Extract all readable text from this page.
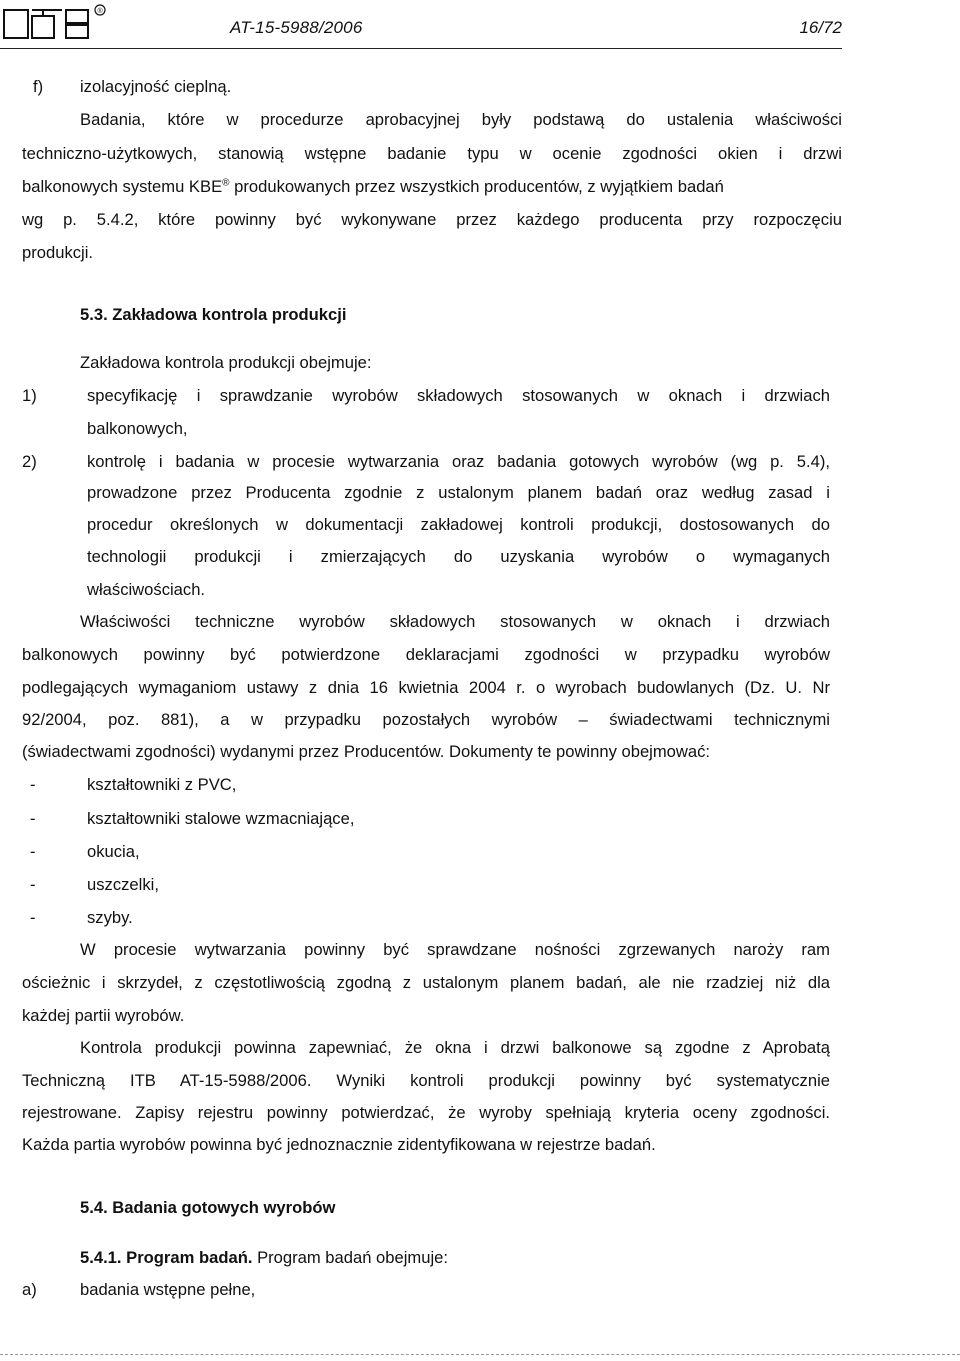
®
AT-15-5988/2006	16/72
f) izolacyjność cieplną.
Badania, które w procedurze aprobacyjnej były podstawą do ustalenia właściwości
techniczno-użytkowych, stanowią wstępne badanie typu w ocenie zgodności okien i drzwi
balkonowych systemu KBE® produkowanych przez wszystkich producentów, z wyjątkiem badań
wg p. 5.4.2, które powinny być wykonywane przez każdego producenta przy rozpoczęciu
produkcji.
5.3. Zakładowa kontrola produkcji
Zakładowa kontrola produkcji obejmuje:
1)	specyfikację i sprawdzanie wyrobów składowych stosowanych w oknach i drzwiach
balkonowych,
2)	kontrolę i badania w procesie wytwarzania oraz badania gotowych wyrobów (wg p. 5.4),
prowadzone przez Producenta zgodnie z ustalonym planem badań oraz według zasad i
procedur określonych w dokumentacji zakładowej kontroli produkcji, dostosowanych do
technologii produkcji i zmierzających do uzyskania wyrobów o wymaganych
właściwościach.
Właściwości techniczne wyrobów składowych stosowanych w oknach i drzwiach
balkonowych powinny być potwierdzone deklaracjami zgodności w przypadku wyrobów
podlegających wymaganiom ustawy z dnia 16 kwietnia 2004 r. o wyrobach budowlanych (Dz. U. Nr
92/2004, poz. 881), a w przypadku pozostałych wyrobów – świadectwami technicznymi
(świadectwami zgodności) wydanymi przez Producentów. Dokumenty te powinny obejmować:
-	kształtowniki z PVC,
-	kształtowniki stalowe wzmacniające,
-	okucia,
-	uszczelki,
-	szyby.
W procesie wytwarzania powinny być sprawdzane nośności zgrzewanych naroży ram
ościeżnic i skrzydeł, z częstotliwością zgodną z ustalonym planem badań, ale nie rzadziej niż dla
każdej partii wyrobów.
Kontrola produkcji powinna zapewniać, że okna i drzwi balkonowe są zgodne z Aprobatą
Techniczną ITB AT-15-5988/2006. Wyniki kontroli produkcji powinny być systematycznie
rejestrowane. Zapisy rejestru powinny potwierdzać, że wyroby spełniają kryteria oceny zgodności.
Każda partia wyrobów powinna być jednoznacznie zidentyfikowana w rejestrze badań.
5.4. Badania gotowych wyrobów
5.4.1. Program badań. Program badań obejmuje:
a)	badania wstępne pełne,
